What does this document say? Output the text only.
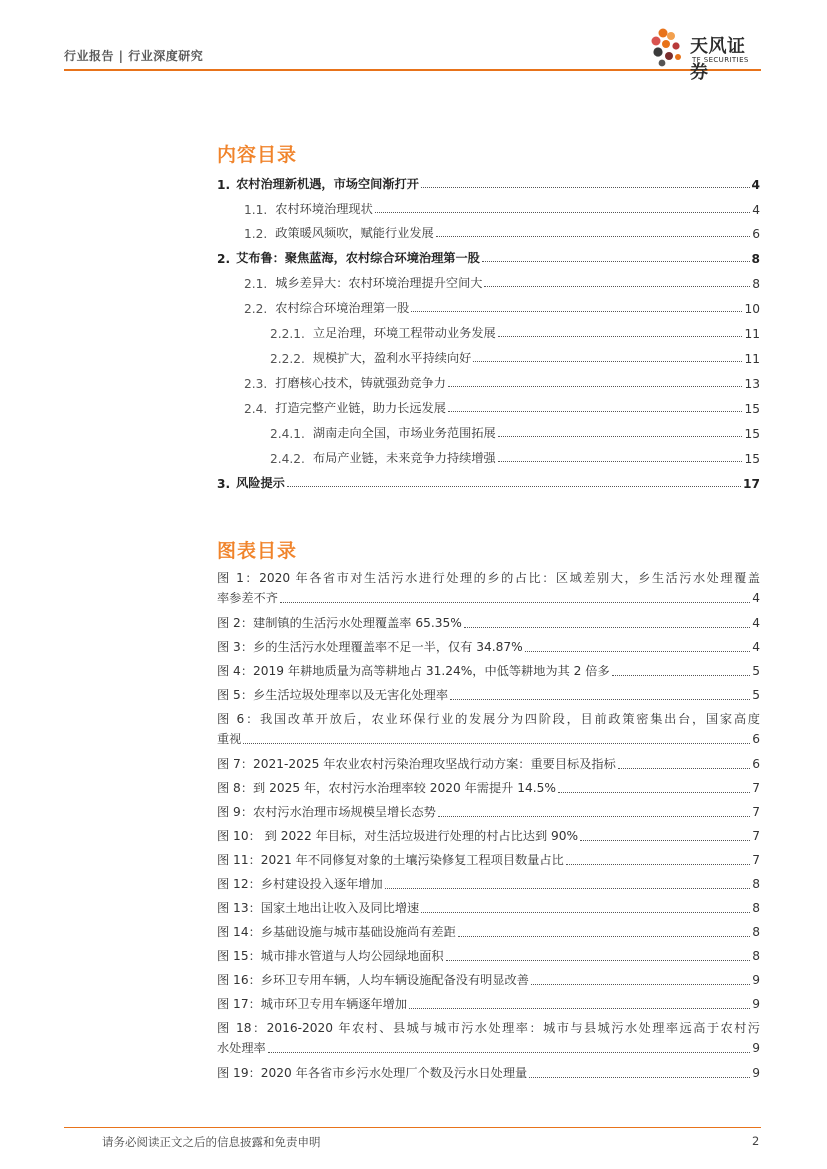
行业报告 | 行业深度研究	天风证券
TF SECURITIES
内容目录
1. 农村治理新机遇，市场空间渐打开	4
1.1. 农村环境治理现状	4
1.2. 政策暖风频吹，赋能行业发展	6
2. 艾布鲁：聚焦蓝海，农村综合环境治理第一股	8
2.1. 城乡差异大：农村环境治理提升空间大	8
2.2. 农村综合环境治理第一股	10
2.2.1. 立足治理，环境工程带动业务发展	11
2.2.2. 规模扩大，盈利水平持续向好	11
2.3. 打磨核心技术，铸就强劲竞争力	13
2.4. 打造完整产业链，助力长远发展	15
2.4.1. 湖南走向全国，市场业务范围拓展	15
2.4.2. 布局产业链，未来竞争力持续增强	15
3. 风险提示	17
图表目录
图 1：2020 年各省市对生活污水进行处理的乡的占比：区域差别大，乡生活污水处理覆盖
率参差不齐	4
图 2：建制镇的生活污水处理覆盖率 65.35%	4
图 3：乡的生活污水处理覆盖率不足一半，仅有 34.87%	4
图 4：2019 年耕地质量为高等耕地占 31.24%，中低等耕地为其 2 倍多	5
图 5：乡生活垃圾处理率以及无害化处理率	5
图 6：我国改革开放后，农业环保行业的发展分为四阶段，目前政策密集出台，国家高度
重视	6
图 7：2021-2025 年农业农村污染治理攻坚战行动方案：重要目标及指标	6
图 8：到 2025 年，农村污水治理率较 2020 年需提升 14.5%	7
图 9：农村污水治理市场规模呈增长态势	7
图 10： 到 2022 年目标，对生活垃圾进行处理的村占比达到 90%	7
图 11：2021 年不同修复对象的土壤污染修复工程项目数量占比	7
图 12：乡村建设投入逐年增加	8
图 13：国家土地出让收入及同比增速	8
图 14：乡基础设施与城市基础设施尚有差距	8
图 15：城市排水管道与人均公园绿地面积	8
图 16：乡环卫专用车辆，人均车辆设施配备没有明显改善	9
图 17：城市环卫专用车辆逐年增加	9
图 18：2016-2020 年农村、县城与城市污水处理率：城市与县城污水处理率远高于农村污
水处理率	9
图 19：2020 年各省市乡污水处理厂个数及污水日处理量	9
请务必阅读正文之后的信息披露和免责申明	2
